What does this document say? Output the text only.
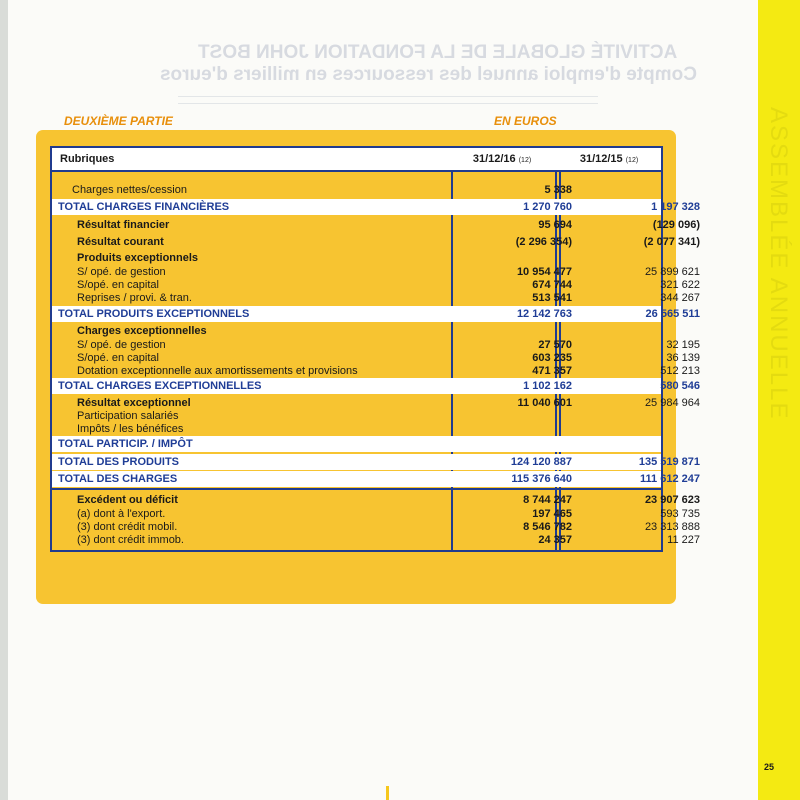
ASSEMBLÉE ANNUELLE
ACTIVITÉ GLOBALE DE LA FONDATION JOHN BOST
Compte d'emploi annuel des ressources en milliers d'euros
DEUXIÈME PARTIE	EN EUROS
Rubriques	31/12/16 (12)	31/12/15 (12)
Charges nettes/cession	5 338
TOTAL CHARGES FINANCIÈRES	1 270 760	1 197 328
Résultat financier	95 694	(129 096)
Résultat courant	(2 296 354)	(2 077 341)
Produits exceptionnels
S/ opé. de gestion	10 954 477	25 899 621
S/opé. en capital	674 744	321 622
Reprises / provi. & tran.	513 541	344 267
TOTAL PRODUITS EXCEPTIONNELS	12 142 763	26 565 511
Charges exceptionnelles
S/ opé. de gestion	27 570	32 195
S/opé. en capital	603 235	36 139
Dotation exceptionnelle aux amortissements et provisions	471 357	512 213
TOTAL CHARGES EXCEPTIONNELLES	1 102 162	580 546
Résultat exceptionnel	11 040 601	25 984 964
Participation salariés
Impôts / les bénéfices
TOTAL PARTICIP. / IMPÔT
TOTAL DES PRODUITS	124 120 887	135 519 871
TOTAL DES CHARGES	115 376 640	111 612 247
Excédent ou déficit	8 744 247	23 907 623
(a) dont à l'export.	197 465	593 735
(3) dont crédit mobil.	8 546 782	23 313 888
(3) dont crédit immob.	24 357	11 227
25
